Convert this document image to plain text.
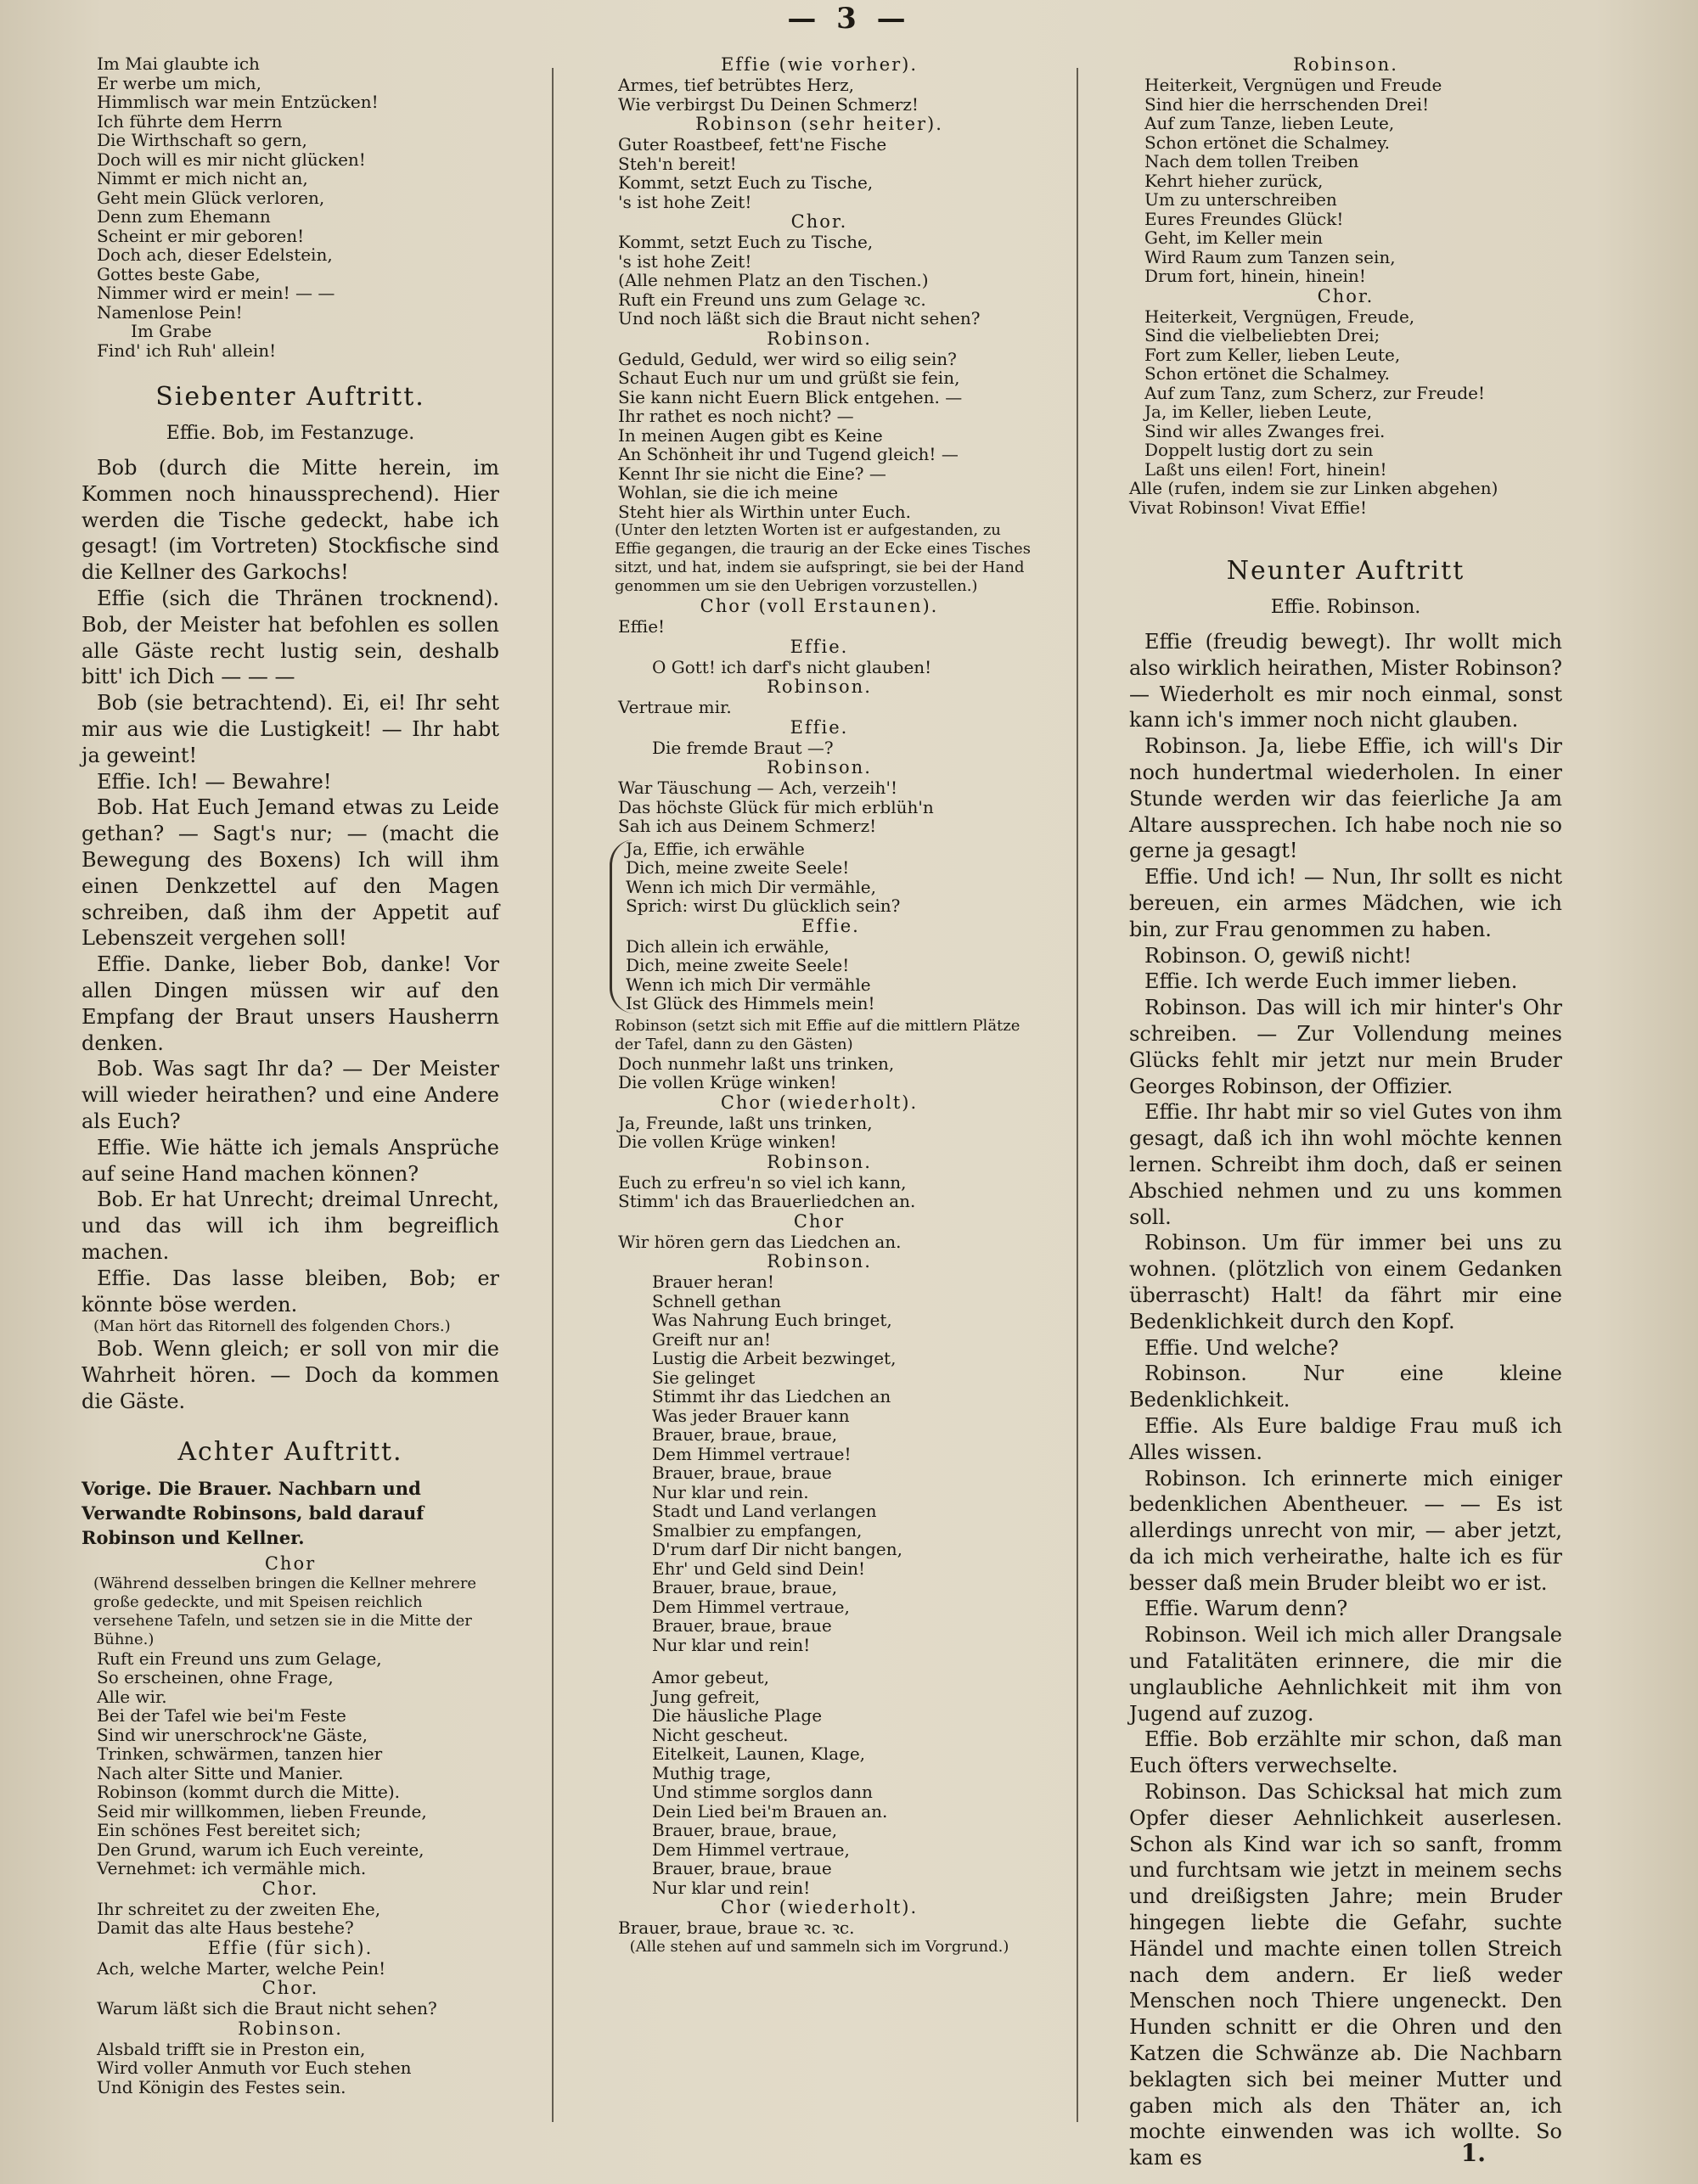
— 3 —
Im Mai glaubte ich
Er werbe um mich,
Himmlisch war mein Entzücken!
Ich führte dem Herrn
Die Wirthschaft so gern,
Doch will es mir nicht glücken!
Nimmt er mich nicht an,
Geht mein Glück verloren,
Denn zum Ehemann
Scheint er mir geboren!
Doch ach, dieser Edelstein,
Gottes beste Gabe,
Nimmer wird er mein! — —
Namenlose Pein!
Im Grabe
Find' ich Ruh' allein!
Siebenter Auftritt.
Effie. Bob, im Festanzuge.

Bob (durch die Mitte herein, im Kommen noch hinaussprechend). Hier werden die Tische gedeckt, habe ich gesagt! (im Vortreten) Stockfische sind die Kellner des Garkochs!

Effie (sich die Thränen trocknend). Bob, der Meister hat befohlen es sollen alle Gäste recht lustig sein, deshalb bitt' ich Dich — — —

Bob (sie betrachtend). Ei, ei! Ihr seht mir aus wie die Lustigkeit! — Ihr habt ja geweint!

Effie. Ich! — Bewahre!

Bob. Hat Euch Jemand etwas zu Leide gethan? — Sagt's nur; — (macht die Bewegung des Boxens) Ich will ihm einen Denkzettel auf den Magen schreiben, daß ihm der Appetit auf Lebenszeit vergehen soll!

Effie. Danke, lieber Bob, danke! Vor allen Dingen müssen wir auf den Empfang der Braut unsers Hausherrn denken.

Bob. Was sagt Ihr da? — Der Meister will wieder heirathen? und eine Andere als Euch?

Effie. Wie hätte ich jemals Ansprüche auf seine Hand machen können?

Bob. Er hat Unrecht; dreimal Unrecht, und das will ich ihm begreiflich machen.

Effie. Das lasse bleiben, Bob; er könnte böse werden.

(Man hört das Ritornell des folgenden Chors.)

Bob. Wenn gleich; er soll von mir die Wahrheit hören. — Doch da kommen die Gäste.

Achter Auftritt.
Vorige. Die Brauer. Nachbarn und Verwandte Robinsons, bald darauf Robinson und Kellner.
Chor
(Während desselben bringen die Kellner mehrere große gedeckte, und mit Speisen reichlich versehene Tafeln, und setzen sie in die Mitte der Bühne.)
Ruft ein Freund uns zum Gelage,
So erscheinen, ohne Frage,
Alle wir.
Bei der Tafel wie bei'm Feste
Sind wir unerschrock'ne Gäste,
Trinken, schwärmen, tanzen hier
Nach alter Sitte und Manier.
Robinson (kommt durch die Mitte).
Seid mir willkommen, lieben Freunde,
Ein schönes Fest bereitet sich;
Den Grund, warum ich Euch vereinte,
Vernehmet: ich vermähle mich.
Chor.
Ihr schreitet zu der zweiten Ehe,
Damit das alte Haus bestehe?
Effie (für sich).
Ach, welche Marter, welche Pein!
Chor.
Warum läßt sich die Braut nicht sehen?
Robinson.
Alsbald trifft sie in Preston ein,
Wird voller Anmuth vor Euch stehen
Und Königin des Festes sein.
Effie (wie vorher).
Armes, tief betrübtes Herz,
Wie verbirgst Du Deinen Schmerz!
Robinson (sehr heiter).
Guter Roastbeef, fett'ne Fische
Steh'n bereit!
Kommt, setzt Euch zu Tische,
's ist hohe Zeit!
Chor.
Kommt, setzt Euch zu Tische,
's ist hohe Zeit!
(Alle nehmen Platz an den Tischen.)
Ruft ein Freund uns zum Gelage ꝛc.
Und noch läßt sich die Braut nicht sehen?
Robinson.
Geduld, Geduld, wer wird so eilig sein?
Schaut Euch nur um und grüßt sie fein,
Sie kann nicht Euern Blick entgehen. —
Ihr rathet es noch nicht? —
In meinen Augen gibt es Keine
An Schönheit ihr und Tugend gleich! —
Kennt Ihr sie nicht die Eine? —
Wohlan, sie die ich meine
Steht hier als Wirthin unter Euch.
(Unter den letzten Worten ist er aufgestanden, zu Effie gegangen, die traurig an der Ecke eines Tisches sitzt, und hat, indem sie aufspringt, sie bei der Hand genommen um sie den Uebrigen vorzustellen.)
Chor (voll Erstaunen).
Effie!
Effie.
O Gott! ich darf's nicht glauben!
Robinson.
Vertraue mir.
Effie.
Die fremde Braut —?
Robinson.
War Täuschung — Ach, verzeih'!
Das höchste Glück für mich erblüh'n
Sah ich aus Deinem Schmerz!
Ja, Effie, ich erwähle
Dich, meine zweite Seele!
Wenn ich mich Dir vermähle,
Sprich: wirst Du glücklich sein?
Effie.
Dich allein ich erwähle,
Dich, meine zweite Seele!
Wenn ich mich Dir vermähle
Ist Glück des Himmels mein!
Robinson (setzt sich mit Effie auf die mittlern Plätze der Tafel, dann zu den Gästen)
Doch nunmehr laßt uns trinken,
Die vollen Krüge winken!
Chor (wiederholt).
Ja, Freunde, laßt uns trinken,
Die vollen Krüge winken!
Robinson.
Euch zu erfreu'n so viel ich kann,
Stimm' ich das Brauerliedchen an.
Chor
Wir hören gern das Liedchen an.
Robinson.
Brauer heran!
Schnell gethan
Was Nahrung Euch bringet,
Greift nur an!
Lustig die Arbeit bezwinget,
Sie gelinget
Stimmt ihr das Liedchen an
Was jeder Brauer kann
Brauer, braue, braue,
Dem Himmel vertraue!
Brauer, braue, braue
Nur klar und rein.
Stadt und Land verlangen
Smalbier zu empfangen,
D'rum darf Dir nicht bangen,
Ehr' und Geld sind Dein!
Brauer, braue, braue,
Dem Himmel vertraue,
Brauer, braue, braue
Nur klar und rein!
Amor gebeut,
Jung gefreit,
Die häusliche Plage
Nicht gescheut.
Eitelkeit, Launen, Klage,
Muthig trage,
Und stimme sorglos dann
Dein Lied bei'm Brauen an.
Brauer, braue, braue,
Dem Himmel vertraue,
Brauer, braue, braue
Nur klar und rein!
Chor (wiederholt).
Brauer, braue, braue ꝛc. ꝛc.
(Alle stehen auf und sammeln sich im Vorgrund.)
Robinson.
Heiterkeit, Vergnügen und Freude
Sind hier die herrschenden Drei!
Auf zum Tanze, lieben Leute,
Schon ertönet die Schalmey.
Nach dem tollen Treiben
Kehrt hieher zurück,
Um zu unterschreiben
Eures Freundes Glück!
Geht, im Keller mein
Wird Raum zum Tanzen sein,
Drum fort, hinein, hinein!
Chor.
Heiterkeit, Vergnügen, Freude,
Sind die vielbeliebten Drei;
Fort zum Keller, lieben Leute,
Schon ertönet die Schalmey.
Auf zum Tanz, zum Scherz, zur Freude!
Ja, im Keller, lieben Leute,
Sind wir alles Zwanges frei.
Doppelt lustig dort zu sein
Laßt uns eilen! Fort, hinein!
Alle (rufen, indem sie zur Linken abgehen)
Vivat Robinson! Vivat Effie!
Neunter Auftritt
Effie. Robinson.

Effie (freudig bewegt). Ihr wollt mich also wirklich heirathen, Mister Robinson? — Wiederholt es mir noch einmal, sonst kann ich's immer noch nicht glauben.

Robinson. Ja, liebe Effie, ich will's Dir noch hundertmal wiederholen. In einer Stunde werden wir das feierliche Ja am Altare aussprechen. Ich habe noch nie so gerne ja gesagt!

Effie. Und ich! — Nun, Ihr sollt es nicht bereuen, ein armes Mädchen, wie ich bin, zur Frau genommen zu haben.

Robinson. O, gewiß nicht!

Effie. Ich werde Euch immer lieben.

Robinson. Das will ich mir hinter's Ohr schreiben. — Zur Vollendung meines Glücks fehlt mir jetzt nur mein Bruder Georges Robinson, der Offizier.

Effie. Ihr habt mir so viel Gutes von ihm gesagt, daß ich ihn wohl möchte kennen lernen. Schreibt ihm doch, daß er seinen Abschied nehmen und zu uns kommen soll.

Robinson. Um für immer bei uns zu wohnen. (plötzlich von einem Gedanken überrascht) Halt! da fährt mir eine Bedenklichkeit durch den Kopf.

Effie. Und welche?

Robinson. Nur eine kleine Bedenklichkeit.

Effie. Als Eure baldige Frau muß ich Alles wissen.

Robinson. Ich erinnerte mich einiger bedenklichen Abentheuer. — — Es ist allerdings unrecht von mir, — aber jetzt, da ich mich verheirathe, halte ich es für besser daß mein Bruder bleibt wo er ist.

Effie. Warum denn?

Robinson. Weil ich mich aller Drangsale und Fatalitäten erinnere, die mir die unglaubliche Aehnlichkeit mit ihm von Jugend auf zuzog.

Effie. Bob erzählte mir schon, daß man Euch öfters verwechselte.

Robinson. Das Schicksal hat mich zum Opfer dieser Aehnlichkeit auserlesen. Schon als Kind war ich so sanft, fromm und furchtsam wie jetzt in meinem sechs und dreißigsten Jahre; mein Bruder hingegen liebte die Gefahr, suchte Händel und machte einen tollen Streich nach dem andern. Er ließ weder Menschen noch Thiere ungeneckt. Den Hunden schnitt er die Ohren und den Katzen die Schwänze ab. Die Nachbarn beklagten sich bei meiner Mutter und gaben mich als den Thäter an, ich mochte einwenden was ich wollte. So kam es	1.
